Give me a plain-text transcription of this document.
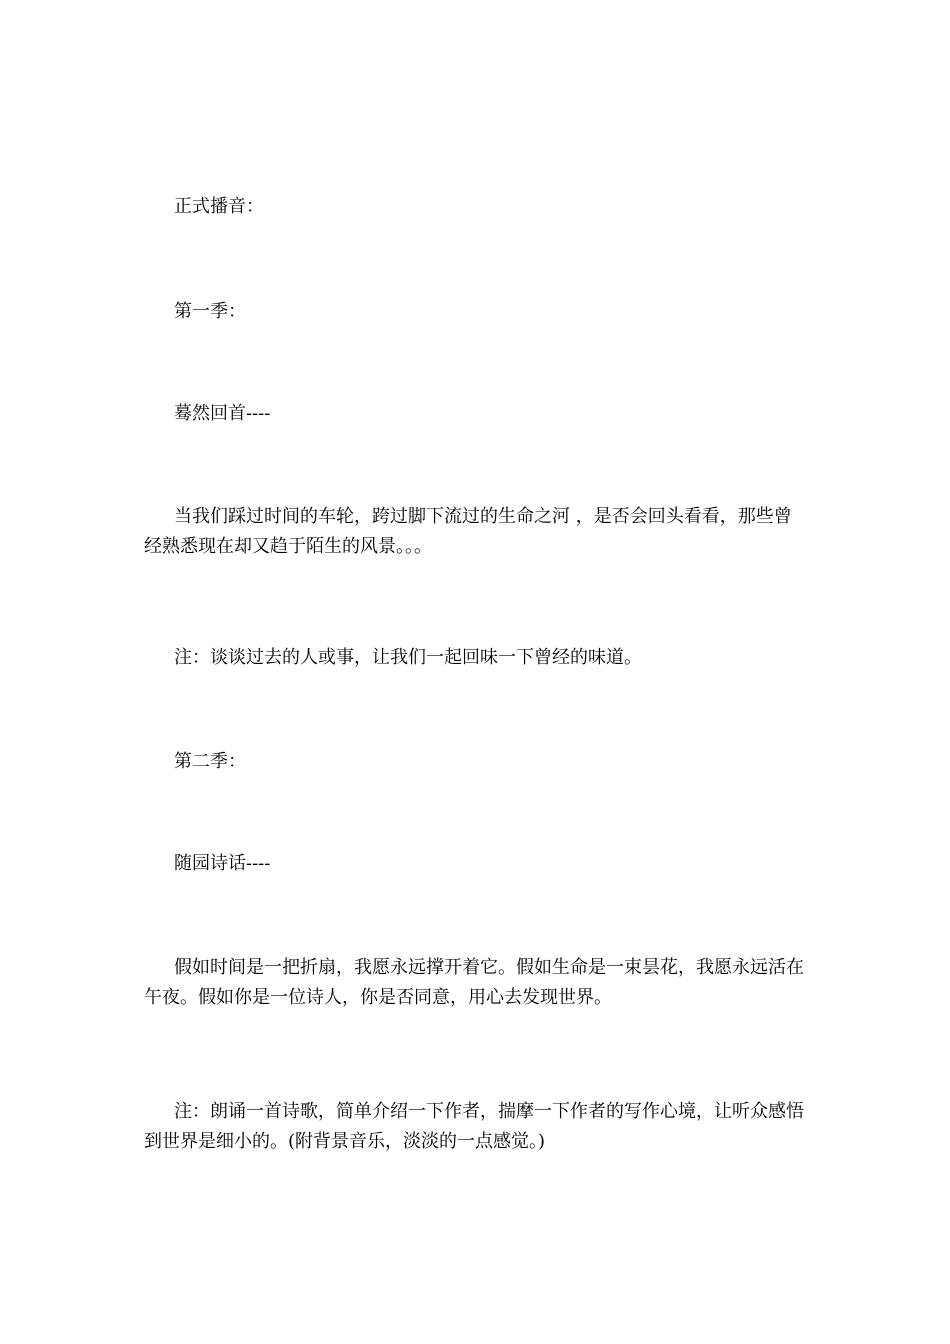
正式播音：

第一季：

蓦然回首----

当我们踩过时间的车轮，跨过脚下流过的生命之河 ，是否会回头看看，那些曾经熟悉现在却又趋于陌生的风景。。。

注：谈谈过去的人或事，让我们一起回味一下曾经的味道。

第二季：

随园诗话----

假如时间是一把折扇，我愿永远撑开着它。假如生命是一束昙花，我愿永远活在午夜。假如你是一位诗人，你是否同意，用心去发现世界。

注：朗诵一首诗歌，简单介绍一下作者，揣摩一下作者的写作心境，让听众感悟到世界是细小的。(附背景音乐，淡淡的一点感觉。)
